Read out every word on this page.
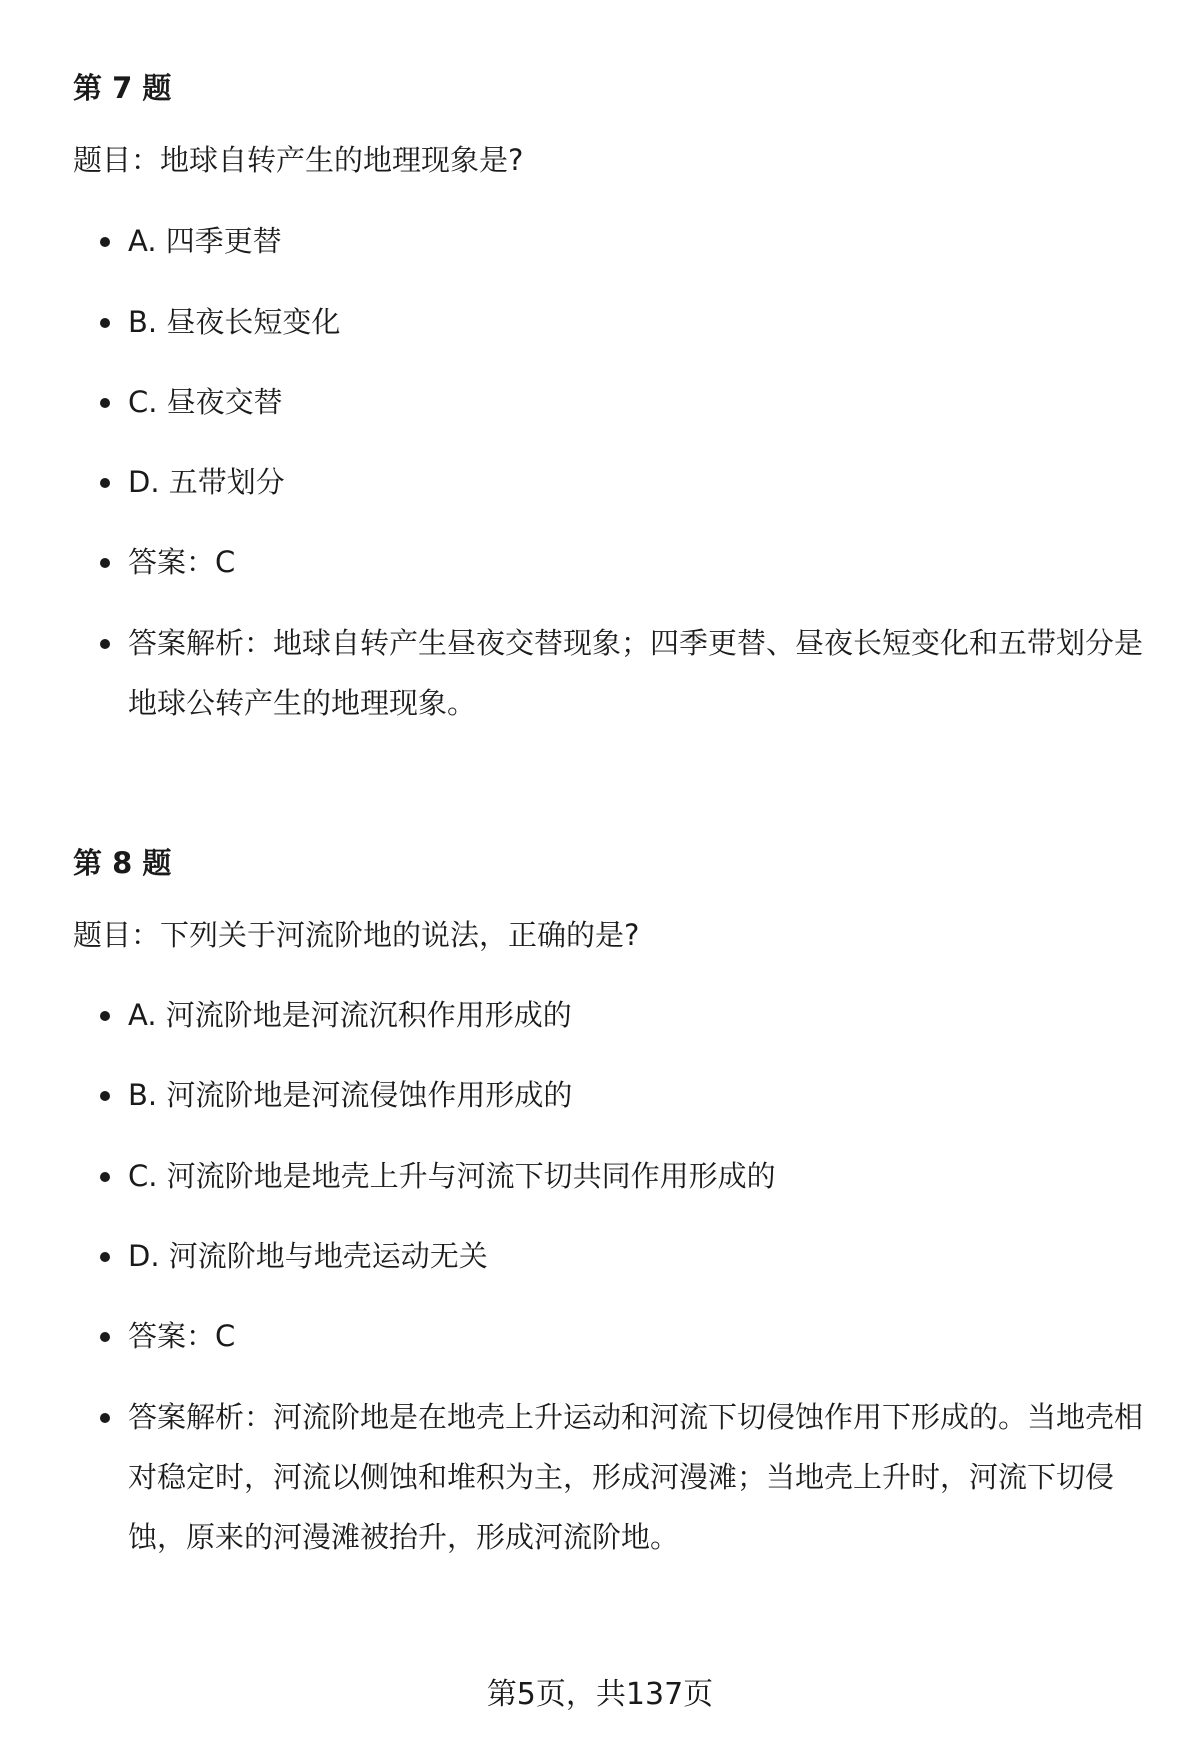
第 7 题

题目：地球自转产生的地理现象是?

A. 四季更替
B. 昼夜长短变化
C. 昼夜交替
D. 五带划分
答案：C
答案解析：地球自转产生昼夜交替现象；四季更替、昼夜长短变化和五带划分是地球公转产生的地理现象。
第 8 题

题目：下列关于河流阶地的说法，正确的是?

A. 河流阶地是河流沉积作用形成的
B. 河流阶地是河流侵蚀作用形成的
C. 河流阶地是地壳上升与河流下切共同作用形成的
D. 河流阶地与地壳运动无关
答案：C
答案解析：河流阶地是在地壳上升运动和河流下切侵蚀作用下形成的。当地壳相对稳定时，河流以侧蚀和堆积为主，形成河漫滩；当地壳上升时，河流下切侵蚀，原来的河漫滩被抬升，形成河流阶地。
第5页，共137页
